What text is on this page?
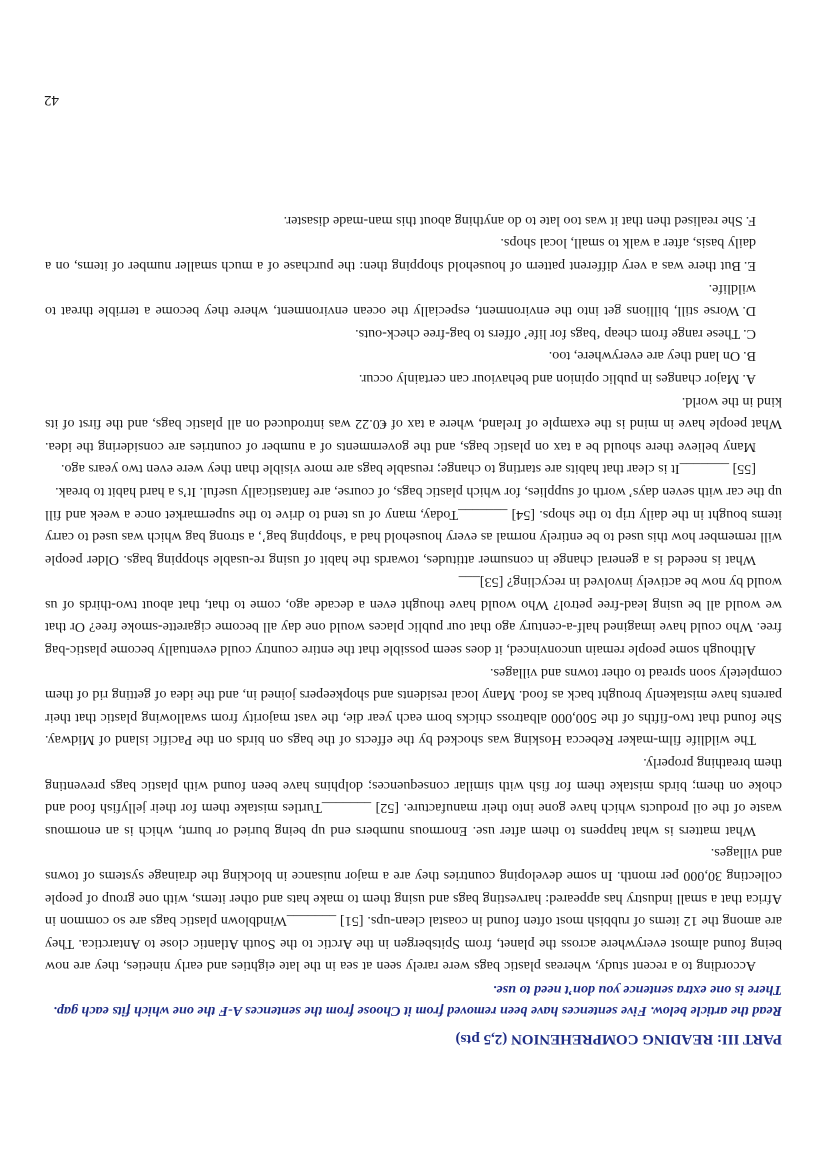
PART III: READING COMPREHENION (2,5 pts)
Read the article below. Five sentences have been removed from it Choose from the sentences A-F the one which fits each gap. There is one extra sentence you don’t need to use.

According to a recent study, whereas plastic bags were rarely seen at sea in the late eighties and early nineties, they are now being found almost everywhere across the planet, from Spitsbergen in the Arctic to the South Atlantic close to Antarctica. They are among the 12 items of rubbish most often found in coastal clean-ups. [51] _______Windblown plastic bags are so common in Africa that a small industry has appeared: harvesting bags and using them to make hats and other items, with one group of people collecting 30,000 per month. In some developing countries they are a major nuisance in blocking the drainage systems of towns and villages.

What matters is what happens to them after use. Enormous numbers end up being buried or burnt, which is an enormous waste of the oil products which have gone into their manufacture. [52] _______Turtles mistake them for their jellyfish food and choke on them; birds mistake them for fish with similar consequences; dolphins have been found with plastic bags preventing them breathing properly.

The wildlife film-maker Rebecca Hosking was shocked by the effects of the bags on birds on the Pacific island of Midway. She found that two-fifths of the 500,000 albatross chicks born each year die, the vast majority from swallowing plastic that their parents have mistakenly brought back as food. Many local residents and shopkeepers joined in, and the idea of getting rid of them completely soon spread to other towns and villages.

Although some people remain unconvinced, it does seem possible that the entire country could eventually become plastic-bag free. Who could have imagined half-a-century ago that our public places would one day all become cigarette-smoke free? Or that we would all be using lead-free petrol? Who would have thought even a decade ago, come to that, that about two-thirds of us would by now be actively involved in recycling? [53]___

What is needed is a general change in consumer attitudes, towards the habit of using re-usable shopping bags. Older people will remember how this used to be entirely normal as every household had a ‘shopping bag’, a strong bag which was used to carry items bought in the daily trip to the shops. [54] _______Today, many of us tend to drive to the supermarket once a week and fill up the car with seven days’ worth of supplies, for which plastic bags, of course, are fantastically useful. It’s a hard habit to break.

[55] _______It is clear that habits are starting to change; reusable bags are more visible than they were even two years ago.

Many believe there should be a tax on plastic bags, and the governments of a number of countries are considering the idea. What people have in mind is the example of Ireland, where a tax of €0.22 was introduced on all plastic bags, and the first of its kind in the world.

A.Major changes in public opinion and behaviour can certainly occur.

B.On land they are everywhere, too.

C.These range from cheap ‘bags for life’ offers to bag-free check-outs.

D.Worse still, billions get into the environment, especially the ocean environment, where they become a terrible threat to wildlife.

E.But there was a very different pattern of household shopping then: the purchase of a much smaller number of items, on a daily basis, after a walk to small, local shops.

F.She realised then that it was too late to do anything about this man-made disaster.

42
